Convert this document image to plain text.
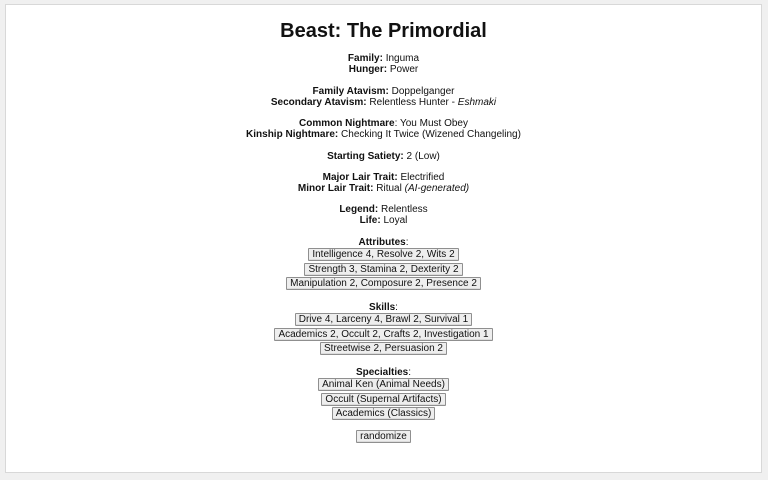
Beast: The Primordial
Family: Inguma
Hunger: Power
Family Atavism: Doppelganger
Secondary Atavism: Relentless Hunter - Eshmaki
Common Nightmare: You Must Obey
Kinship Nightmare: Checking It Twice (Wizened Changeling)
Starting Satiety: 2 (Low)
Major Lair Trait: Electrified
Minor Lair Trait: Ritual (AI-generated)
Legend: Relentless
Life: Loyal
Attributes:
Intelligence 4, Resolve 2, Wits 2
Strength 3, Stamina 2, Dexterity 2
Manipulation 2, Composure 2, Presence 2
Skills:
Drive 4, Larceny 4, Brawl 2, Survival 1
Academics 2, Occult 2, Crafts 2, Investigation 1
Streetwise 2, Persuasion 2
Specialties:
Animal Ken (Animal Needs)
Occult (Supernal Artifacts)
Academics (Classics)
randomize
